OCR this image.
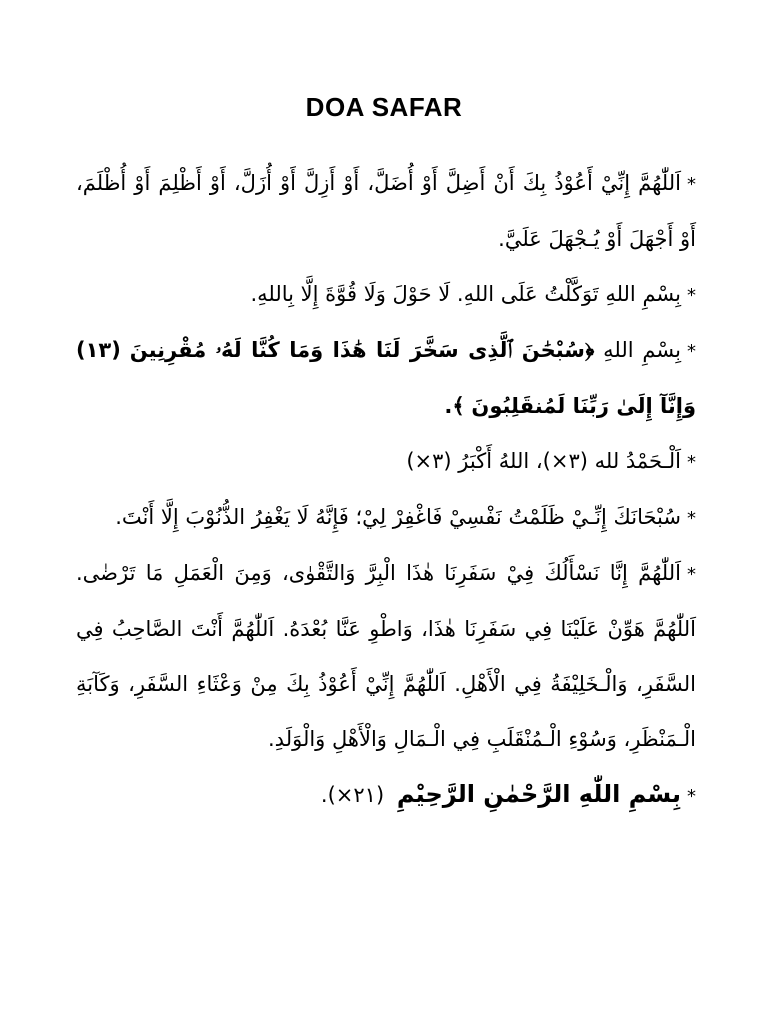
DOA SAFAR

*اَللّٰهُمَّ إِنِّيْ أَعُوْذُ بِكَ أَنْ أَضِلَّ أَوْ أُضَلَّ، أَوْ أَزِلَّ أَوْ أُزَلَّ، أَوْ أَظْلِمَ أَوْ أُظْلَمَ، أَوْ أَجْهَلَ أَوْ يُـجْهَلَ عَلَيَّ.

*بِسْمِ اللهِ تَوَكَّلْتُ عَلَى اللهِ. لَا حَوْلَ وَلَا قُوَّةَ إِلَّا بِاللهِ.

*بِسْمِ اللهِ ﴿سُبْحَٰنَ ٱلَّذِى سَخَّرَ لَنَا هَٰذَا وَمَا كُنَّا لَهُۥ مُقْرِنِينَ (١٣) وَإِنَّآ إِلَىٰ رَبِّنَا لَمُنقَلِبُونَ ﴾.

*اَلْـحَمْدُ لله (٣×)، اللهُ أَكْبَرُ (٣×)

*سُبْحَانَكَ إِنِّـيْ ظَلَمْتُ نَفْسِيْ فَاغْفِرْ لِيْ؛ فَإِنَّهُ لَا يَغْفِرُ الذُّنُوْبَ إِلَّا أَنْتَ.

*اَللّٰهُمَّ إِنَّا نَسْأَلُكَ فِيْ سَفَرِنَا هٰذَا الْبِرَّ وَالتَّقْوٰى، وَمِنَ الْعَمَلِ مَا تَرْضٰى. اَللّٰهُمَّ هَوِّنْ عَلَيْنَا فِي سَفَرِنَا هٰذَا، وَاطْوِ عَنَّا بُعْدَهُ. اَللّٰهُمَّ أَنْتَ الصَّاحِبُ فِي السَّفَرِ، وَالْـخَلِيْفَةُ فِي الْأَهْلِ. اَللّٰهُمَّ إِنِّيْ أَعُوْذُ بِكَ مِنْ وَعْثَاءِ السَّفَرِ، وَكَآبَةِ الْـمَنْظَرِ، وَسُوْءِ الْـمُنْقَلَبِ فِي الْـمَالِ وَالْأَهْلِ وَالْوَلَدِ.

*بِسْمِ اللّٰهِ الرَّحْمٰنِ الرَّحِيْمِ (٢١×).
